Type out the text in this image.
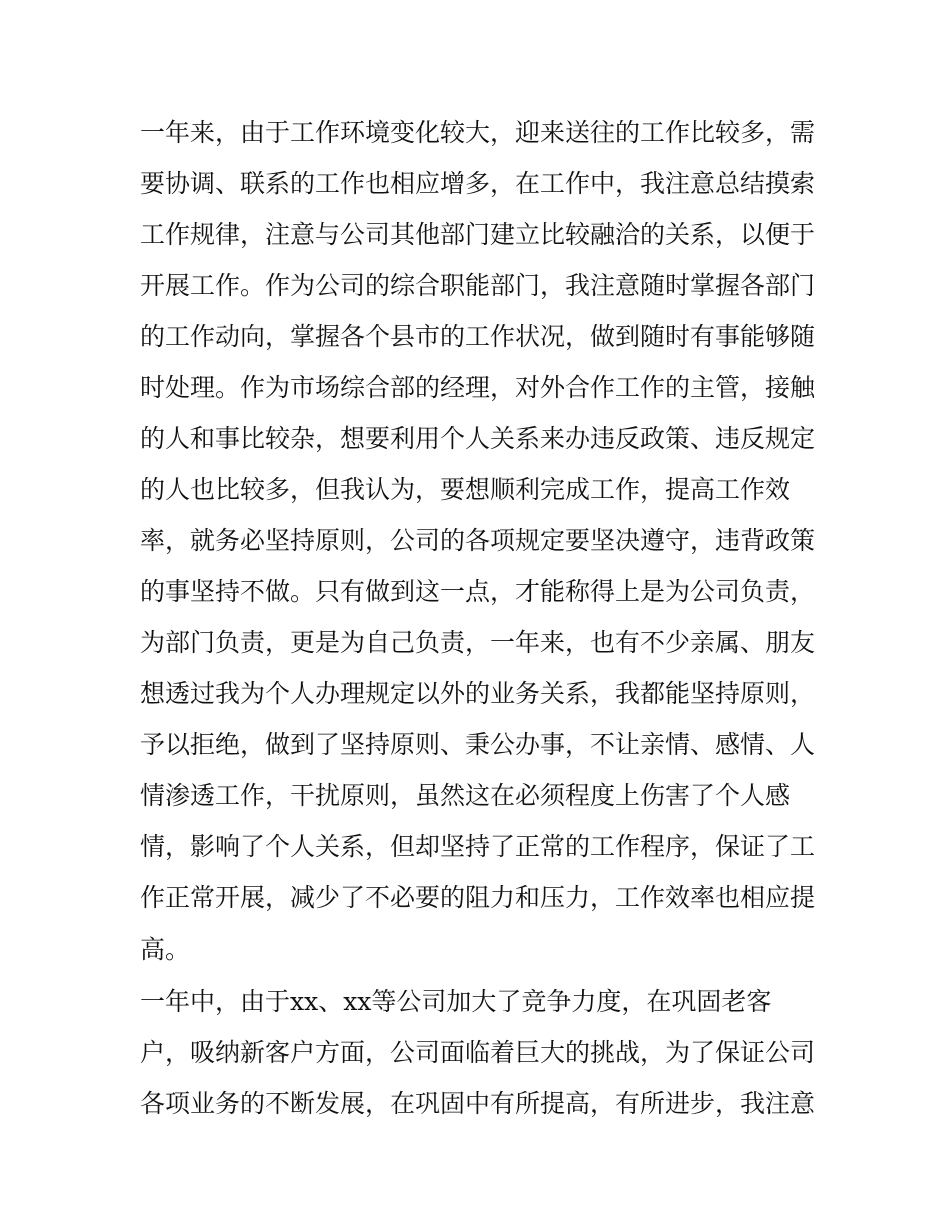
一年来，由于工作环境变化较大，迎来送往的工作比较多，需
要协调、联系的工作也相应增多，在工作中，我注意总结摸索
工作规律，注意与公司其他部门建立比较融洽的关系，以便于
开展工作。作为公司的综合职能部门，我注意随时掌握各部门
的工作动向，掌握各个县市的工作状况，做到随时有事能够随
时处理。作为市场综合部的经理，对外合作工作的主管，接触
的人和事比较杂，想要利用个人关系来办违反政策、违反规定
的人也比较多，但我认为，要想顺利完成工作，提高工作效
率，就务必坚持原则，公司的各项规定要坚决遵守，违背政策
的事坚持不做。只有做到这一点，才能称得上是为公司负责，
为部门负责，更是为自己负责，一年来，也有不少亲属、朋友
想透过我为个人办理规定以外的业务关系，我都能坚持原则，
予以拒绝，做到了坚持原则、秉公办事，不让亲情、感情、人
情渗透工作，干扰原则，虽然这在必须程度上伤害了个人感
情，影响了个人关系，但却坚持了正常的工作程序，保证了工
作正常开展，减少了不必要的阻力和压力，工作效率也相应提
高。
一年中，由于xx、xx等公司加大了竞争力度，在巩固老客
户，吸纳新客户方面，公司面临着巨大的挑战，为了保证公司
各项业务的不断发展，在巩固中有所提高，有所进步，我注意
